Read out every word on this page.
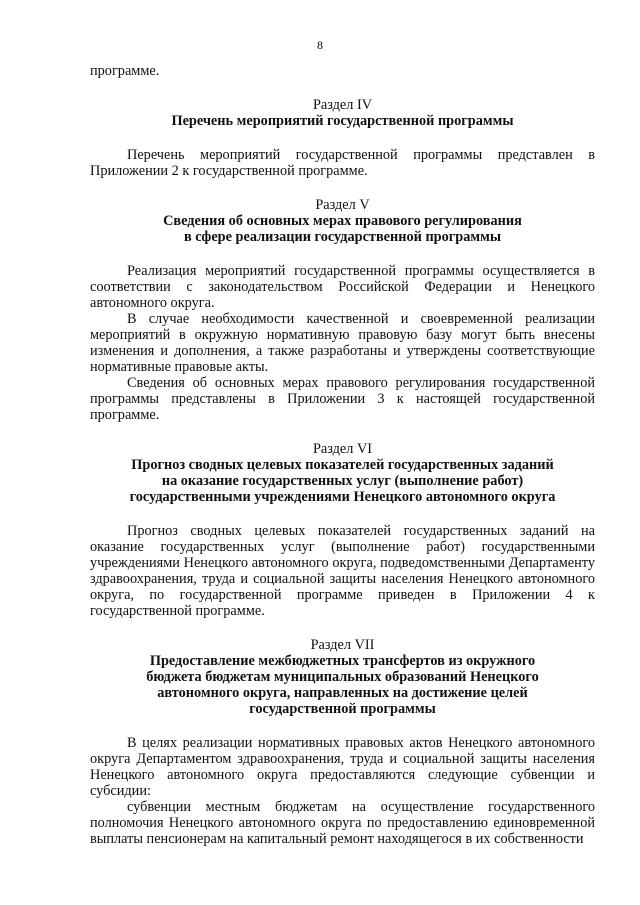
8

программе.

Раздел IV
Перечень мероприятий государственной программы

Перечень мероприятий государственной программы представлен в Приложении 2 к государственной программе.

Раздел V
Сведения об основных мерах правового регулирования
в сфере реализации государственной программы

Реализация мероприятий государственной программы осуществляется в соответствии с законодательством Российской Федерации и Ненецкого автономного округа.

В случае необходимости качественной и своевременной реализации мероприятий в окружную нормативную правовую базу могут быть внесены изменения и дополнения, а также разработаны и утверждены соответствующие нормативные правовые акты.

Сведения об основных мерах правового регулирования государственной программы представлены в Приложении 3 к настоящей государственной программе.

Раздел VI
Прогноз сводных целевых показателей государственных заданий
на оказание государственных услуг (выполнение работ)
государственными учреждениями Ненецкого автономного округа

Прогноз сводных целевых показателей государственных заданий на оказание государственных услуг (выполнение работ) государственными учреждениями Ненецкого автономного округа, подведомственными Департаменту здравоохранения, труда и социальной защиты населения Ненецкого автономного округа, по государственной программе приведен в Приложении 4 к государственной программе.

Раздел VII
Предоставление межбюджетных трансфертов из окружного
бюджета бюджетам муниципальных образований Ненецкого
автономного округа, направленных на достижение целей
государственной программы

В целях реализации нормативных правовых актов Ненецкого автономного округа Департаментом здравоохранения, труда и социальной защиты населения Ненецкого автономного округа предоставляются следующие субвенции и субсидии:

субвенции местным бюджетам на осуществление государственного полномочия Ненецкого автономного округа по предоставлению единовременной выплаты пенсионерам на капитальный ремонт находящегося в их собственности
